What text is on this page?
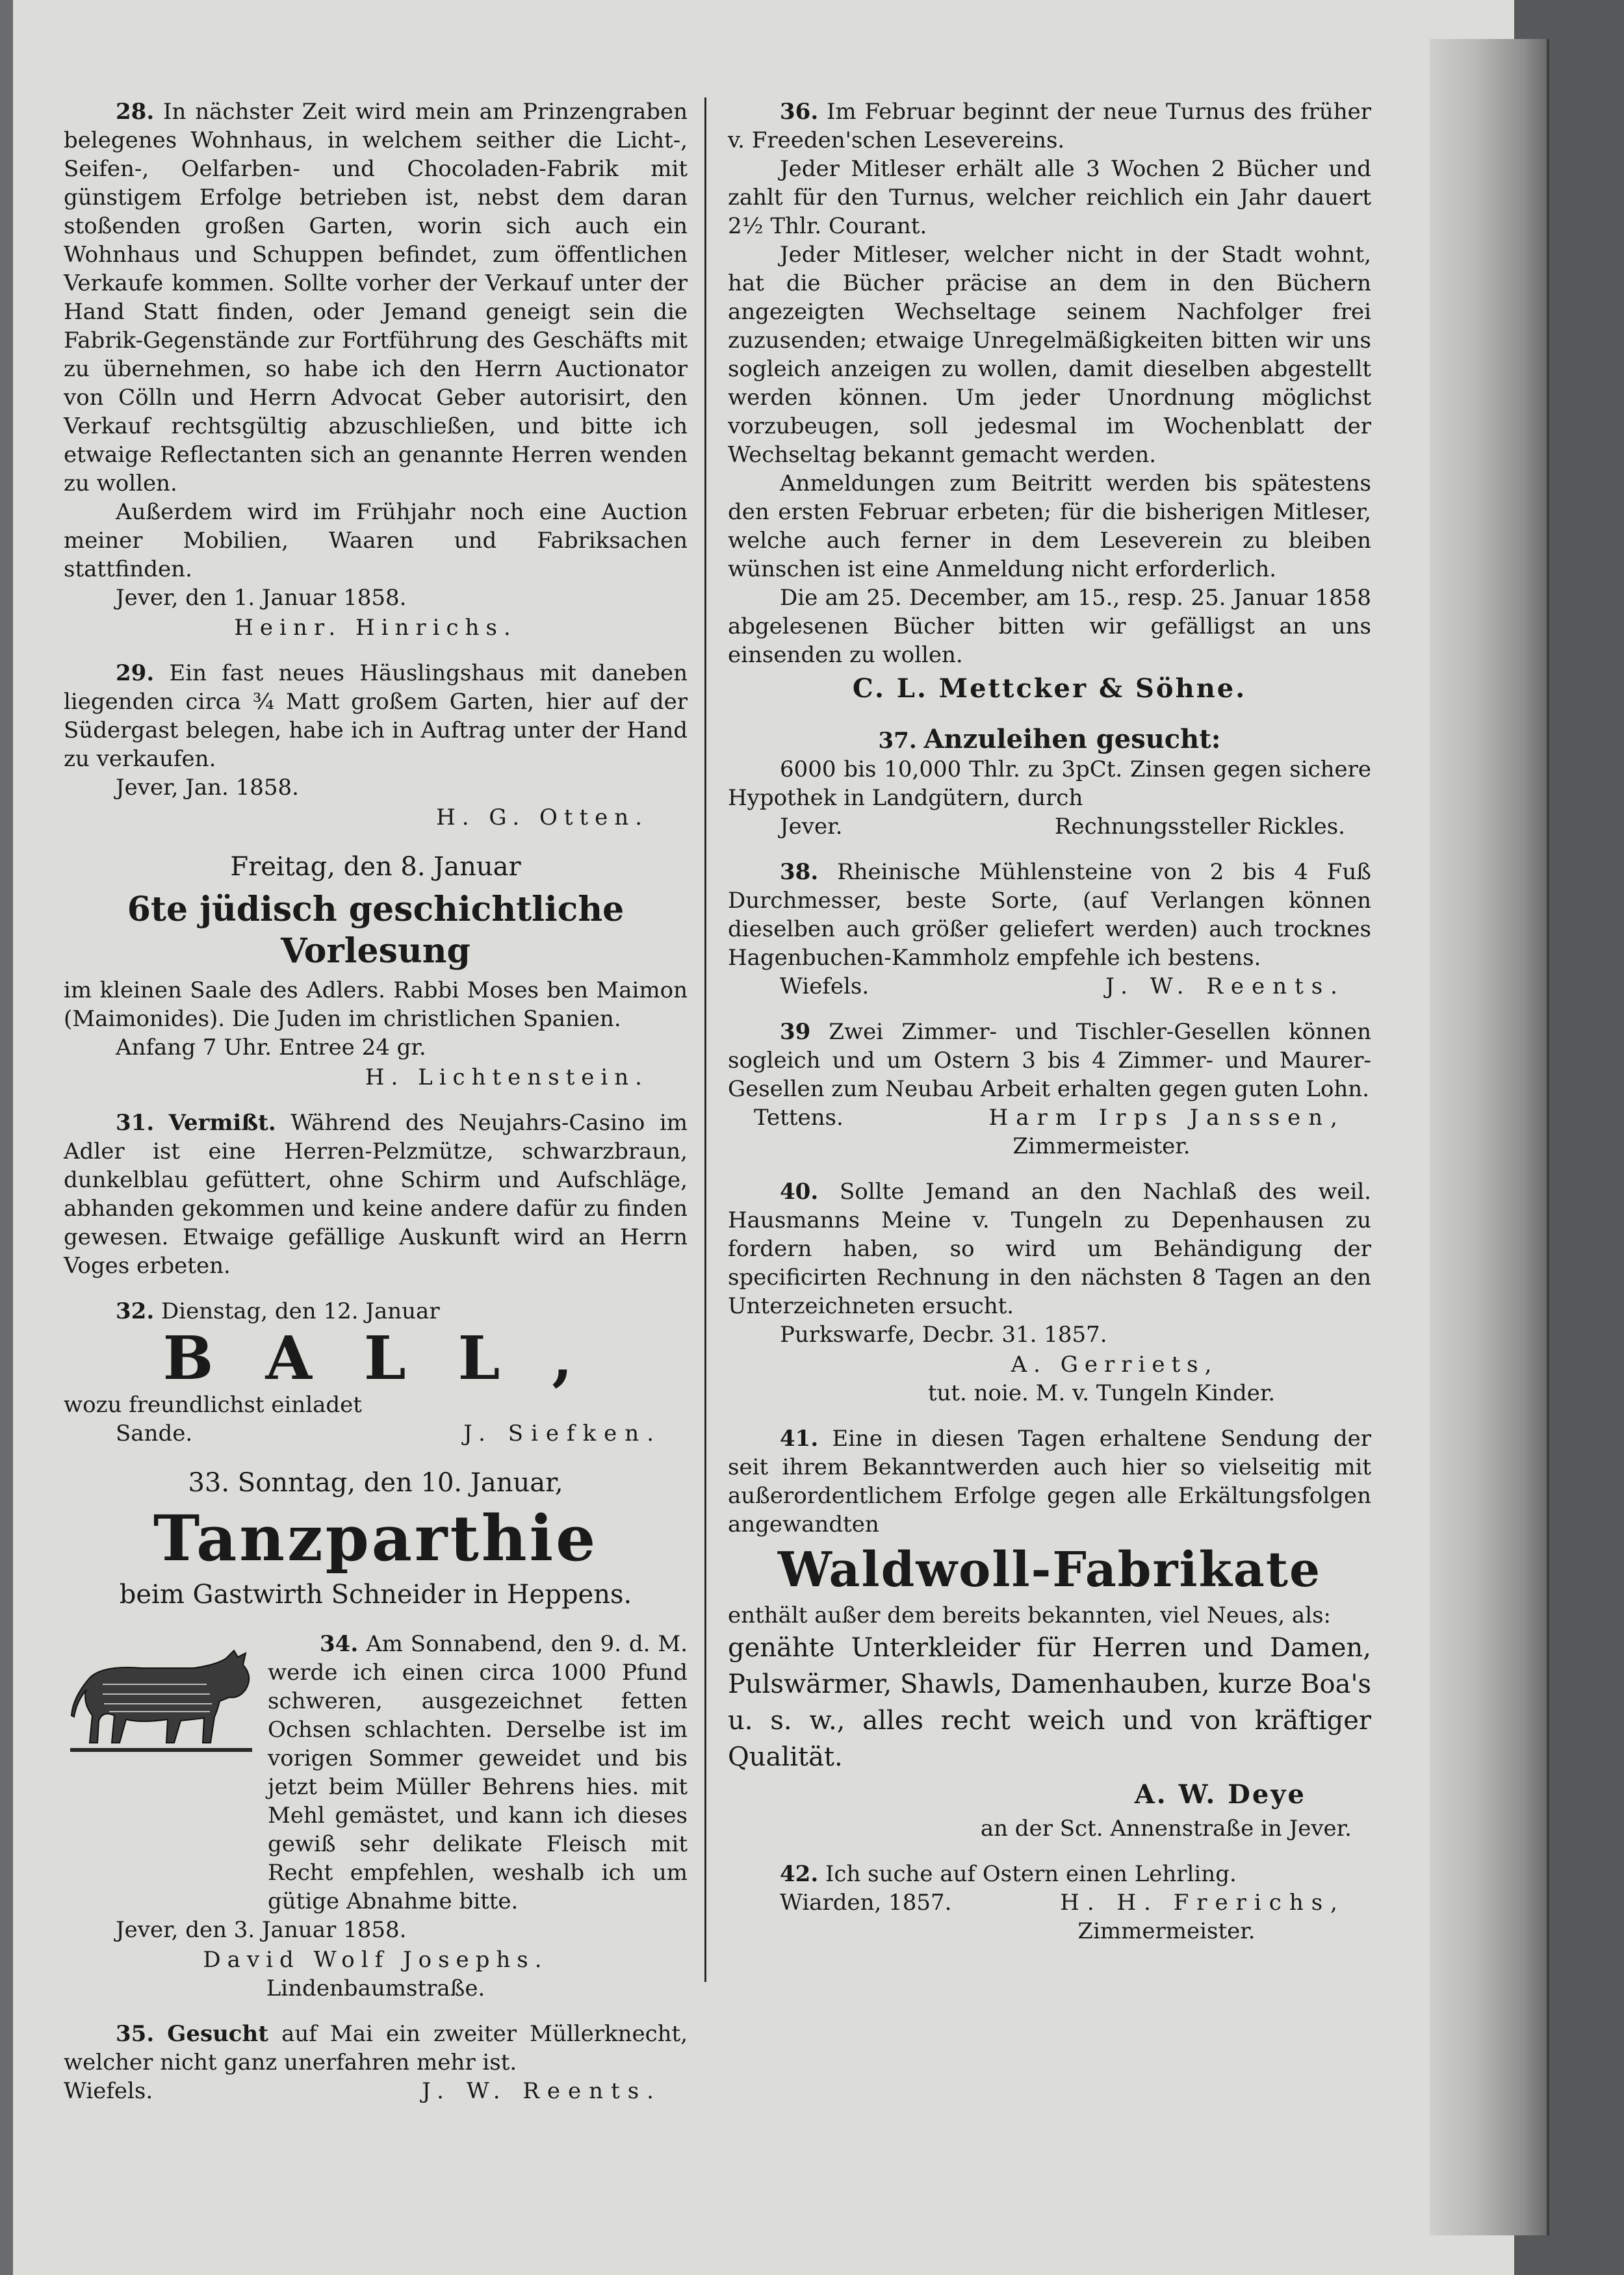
28. In nächster Zeit wird mein am Prinzengraben belegenes Wohnhaus, in welchem seither die Licht-, Seifen-, Oelfarben- und Chocoladen-Fabrik mit günstigem Erfolge betrieben ist, nebst dem daran stoßenden großen Garten, worin sich auch ein Wohnhaus und Schuppen befindet, zum öffentlichen Verkaufe kommen. Sollte vorher der Verkauf unter der Hand Statt finden, oder Jemand geneigt sein die Fabrik-Gegenstände zur Fortführung des Geschäfts mit zu übernehmen, so habe ich den Herrn Auctionator von Cölln und Herrn Advocat Geber autorisirt, den Verkauf rechtsgültig abzuschließen, und bitte ich etwaige Reflectanten sich an genannte Herren wenden zu wollen.

Außerdem wird im Frühjahr noch eine Auction meiner Mobilien, Waaren und Fabriksachen stattfinden.

Jever, den 1. Januar 1858.

Heinr. Hinrichs.

29. Ein fast neues Häuslingshaus mit daneben liegenden circa ¾ Matt großem Garten, hier auf der Südergast belegen, habe ich in Auftrag unter der Hand zu verkaufen.

Jever, Jan. 1858.

H. G. Otten.
Freitag, den 8. Januar
6te jüdisch geschichtliche Vorlesung

im kleinen Saale des Adlers. Rabbi Moses ben Maimon (Maimonides). Die Juden im christlichen Spanien.

Anfang 7 Uhr. Entree 24 gr.

H. Lichtenstein.

31. Vermißt. Während des Neujahrs-Casino im Adler ist eine Herren-Pelzmütze, schwarzbraun, dunkelblau gefüttert, ohne Schirm und Aufschläge, abhanden gekommen und keine andere dafür zu finden gewesen. Etwaige gefällige Auskunft wird an Herrn Voges erbeten.

32. Dienstag, den 12. Januar

B A L L ,

wozu freundlichst einladet

Sande.	J. Siefken.
33. Sonntag, den 10. Januar,
Tanzparthie
beim Gastwirth Schneider in Heppens.

34. Am Sonnabend, den 9. d. M. werde ich einen circa 1000 Pfund schweren, ausgezeichnet fetten Ochsen schlachten. Derselbe ist im vorigen Sommer geweidet und bis jetzt beim Müller Behrens hies. mit Mehl gemästet, und kann ich dieses gewiß sehr delikate Fleisch mit Recht empfehlen, weshalb ich um gütige Abnahme bitte.

Jever, den 3. Januar 1858.

David Wolf Josephs.
Lindenbaumstraße.

35. Gesucht auf Mai ein zweiter Müllerknecht, welcher nicht ganz unerfahren mehr ist.

Wiefels.	J. W. Reents.

36. Im Februar beginnt der neue Turnus des früher v. Freeden'schen Lesevereins.

Jeder Mitleser erhält alle 3 Wochen 2 Bücher und zahlt für den Turnus, welcher reichlich ein Jahr dauert 2½ Thlr. Courant.

Jeder Mitleser, welcher nicht in der Stadt wohnt, hat die Bücher präcise an dem in den Büchern angezeigten Wechseltage seinem Nachfolger frei zuzusenden; etwaige Unregelmäßigkeiten bitten wir uns sogleich anzeigen zu wollen, damit dieselben abgestellt werden können. Um jeder Unordnung möglichst vorzubeugen, soll jedesmal im Wochenblatt der Wechseltag bekannt gemacht werden.

Anmeldungen zum Beitritt werden bis spätestens den ersten Februar erbeten; für die bisherigen Mitleser, welche auch ferner in dem Leseverein zu bleiben wünschen ist eine Anmeldung nicht erforderlich.

Die am 25. December, am 15., resp. 25. Januar 1858 abgelesenen Bücher bitten wir gefälligst an uns einsenden zu wollen.

C. L. Mettcker & Söhne.

37. Anzuleihen gesucht:

6000 bis 10,000 Thlr. zu 3pCt. Zinsen gegen sichere Hypothek in Landgütern, durch

Jever.	Rechnungssteller Rickles.

38. Rheinische Mühlensteine von 2 bis 4 Fuß Durchmesser, beste Sorte, (auf Verlangen können dieselben auch größer geliefert werden) auch trocknes Hagenbuchen-Kammholz empfehle ich bestens.

Wiefels.	J. W. Reents.

39 Zwei Zimmer- und Tischler-Gesellen können sogleich und um Ostern 3 bis 4 Zimmer- und Maurer-Gesellen zum Neubau Arbeit erhalten gegen guten Lohn.

Tettens.	Harm Irps Janssen,
Zimmermeister.

40. Sollte Jemand an den Nachlaß des weil. Hausmanns Meine v. Tungeln zu Depenhausen zu fordern haben, so wird um Behändigung der specificirten Rechnung in den nächsten 8 Tagen an den Unterzeichneten ersucht.

Purkswarfe, Decbr. 31. 1857.

A. Gerriets,
tut. noie. M. v. Tungeln Kinder.

41. Eine in diesen Tagen erhaltene Sendung der seit ihrem Bekanntwerden auch hier so vielseitig mit außerordentlichem Erfolge gegen alle Erkältungsfolgen angewandten

Waldwoll-Fabrikate

enthält außer dem bereits bekannten, viel Neues, als:

genähte Unterkleider für Herren und Damen, Pulswärmer, Shawls, Damenhauben, kurze Boa's u. s. w., alles recht weich und von kräftiger Qualität.

A. W. Deye
an der Sct. Annenstraße in Jever.

42. Ich suche auf Ostern einen Lehrling.

Wiarden, 1857.	H. H. Frerichs,
Zimmermeister.
